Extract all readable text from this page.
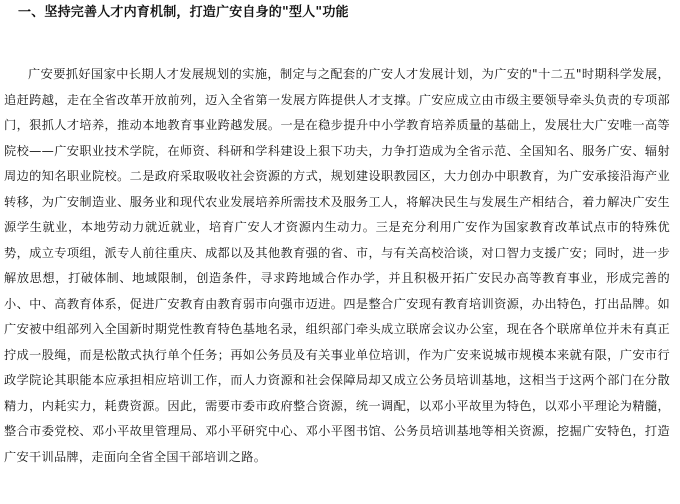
一、坚持完善人才内育机制，打造广安自身的"型人"功能
广安要抓好国家中长期人才发展规划的实施，制定与之配套的广安人才发展计划，为广安的"十二五"时期科学发展，追赶跨越，走在全省改革开放前列，迈入全省第一发展方阵提供人才支撑。广安应成立由市级主要领导牵头负责的专项部门，狠抓人才培养，推动本地教育事业跨越发展。一是在稳步提升中小学教育培养质量的基础上，发展壮大广安唯一高等院校——广安职业技术学院，在师资、科研和学科建设上狠下功夫，力争打造成为全省示范、全国知名、服务广安、辐射周边的知名职业院校。二是政府采取吸收社会资源的方式，规划建设职教园区，大力创办中职教育，为广安承接沿海产业转移，为广安制造业、服务业和现代农业发展培养所需技术及服务工人，将解决民生与发展生产相结合，着力解决广安生源学生就业，本地劳动力就近就业，培育广安人才资源内生动力。三是充分利用广安作为国家教育改革试点市的特殊优势，成立专项组，派专人前往重庆、成都以及其他教育强的省、市，与有关高校洽谈，对口智力支援广安；同时，进一步解放思想，打破体制、地域限制，创造条件，寻求跨地域合作办学，并且积极开拓广安民办高等教育事业，形成完善的小、中、高教育体系，促进广安教育由教育弱市向强市迈进。四是整合广安现有教育培训资源，办出特色，打出品牌。如广安被中组部列入全国新时期党性教育特色基地名录，组织部门牵头成立联席会议办公室，现在各个联席单位并未有真正拧成一股绳，而是松散式执行单个任务；再如公务员及有关事业单位培训，作为广安来说城市规模本来就有限，广安市行政学院论其职能本应承担相应培训工作，而人力资源和社会保障局却又成立公务员培训基地，这相当于这两个部门在分散精力，内耗实力，耗费资源。因此，需要市委市政府整合资源，统一调配，以邓小平故里为特色，以邓小平理论为精髓，整合市委党校、邓小平故里管理局、邓小平研究中心、邓小平图书馆、公务员培训基地等相关资源，挖掘广安特色，打造广安干训品牌，走面向全省全国干部培训之路。
